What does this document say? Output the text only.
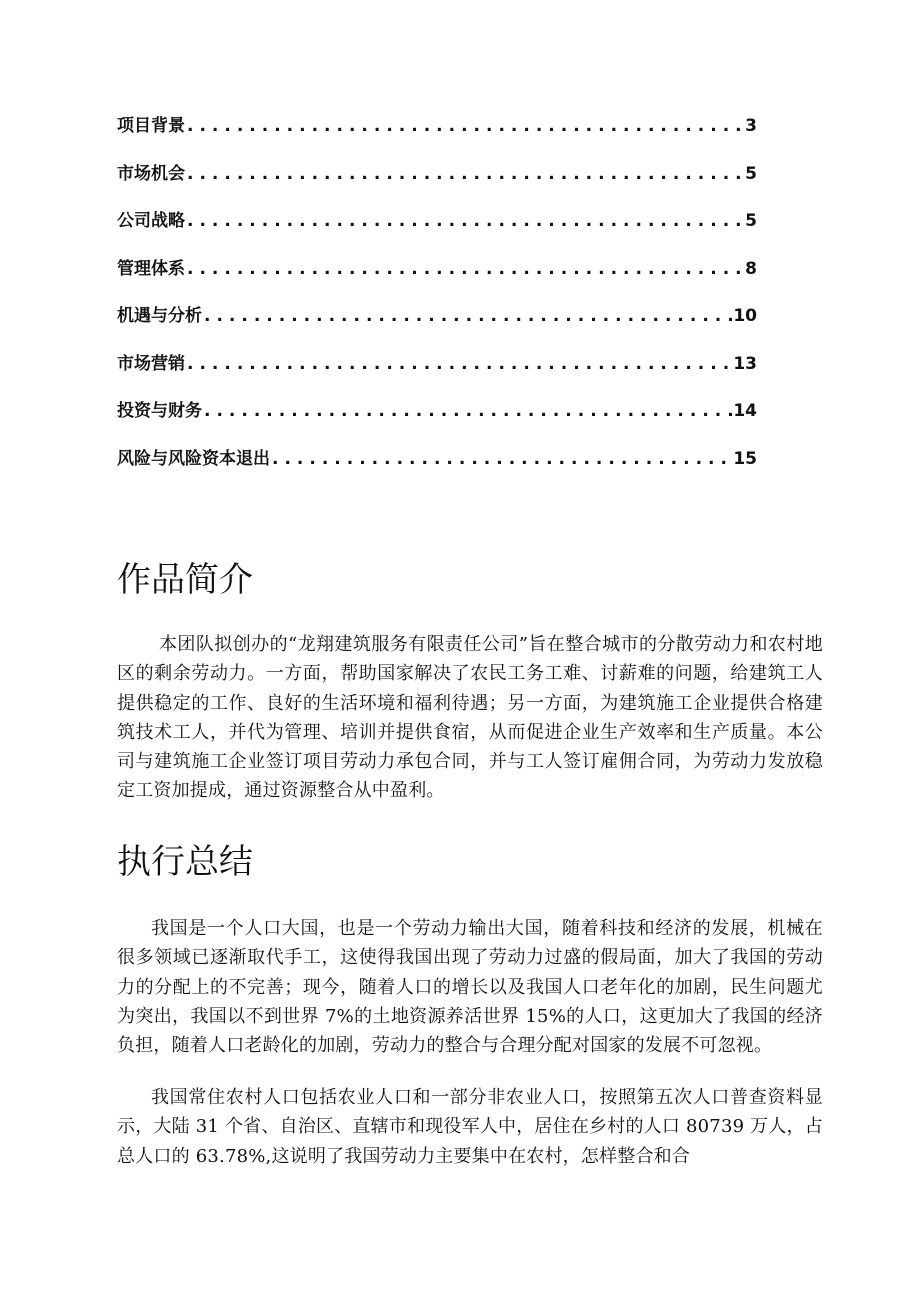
项目背景 .....	3
市场机会 .....	5
公司战略 .....	5
管理体系 .....	8
机遇与分析 .....	10
市场营销 .....	13
投资与财务 .....	14
风险与风险资本退出 .....	15
作品简介

本团队拟创办的“龙翔建筑服务有限责任公司”旨在整合城市的分散劳动力和农村地区的剩余劳动力。一方面，帮助国家解决了农民工务工难、讨薪难的问题，给建筑工人提供稳定的工作、良好的生活环境和福利待遇；另一方面，为建筑施工企业提供合格建筑技术工人，并代为管理、培训并提供食宿，从而促进企业生产效率和生产质量。本公司与建筑施工企业签订项目劳动力承包合同，并与工人签订雇佣合同，为劳动力发放稳定工资加提成，通过资源整合从中盈利。

执行总结

我国是一个人口大国，也是一个劳动力输出大国，随着科技和经济的发展，机械在很多领域已逐渐取代手工，这使得我国出现了劳动力过盛的假局面，加大了我国的劳动力的分配上的不完善；现今，随着人口的增长以及我国人口老年化的加剧，民生问题尤为突出，我国以不到世界 7%的土地资源养活世界 15%的人口，这更加大了我国的经济负担，随着人口老龄化的加剧，劳动力的整合与合理分配对国家的发展不可忽视。

我国常住农村人口包括农业人口和一部分非农业人口，按照第五次人口普查资料显示，大陆 31 个省、自治区、直辖市和现役军人中，居住在乡村的人口 80739 万人，占总人口的 63.78%,这说明了我国劳动力主要集中在农村，怎样整合和合
